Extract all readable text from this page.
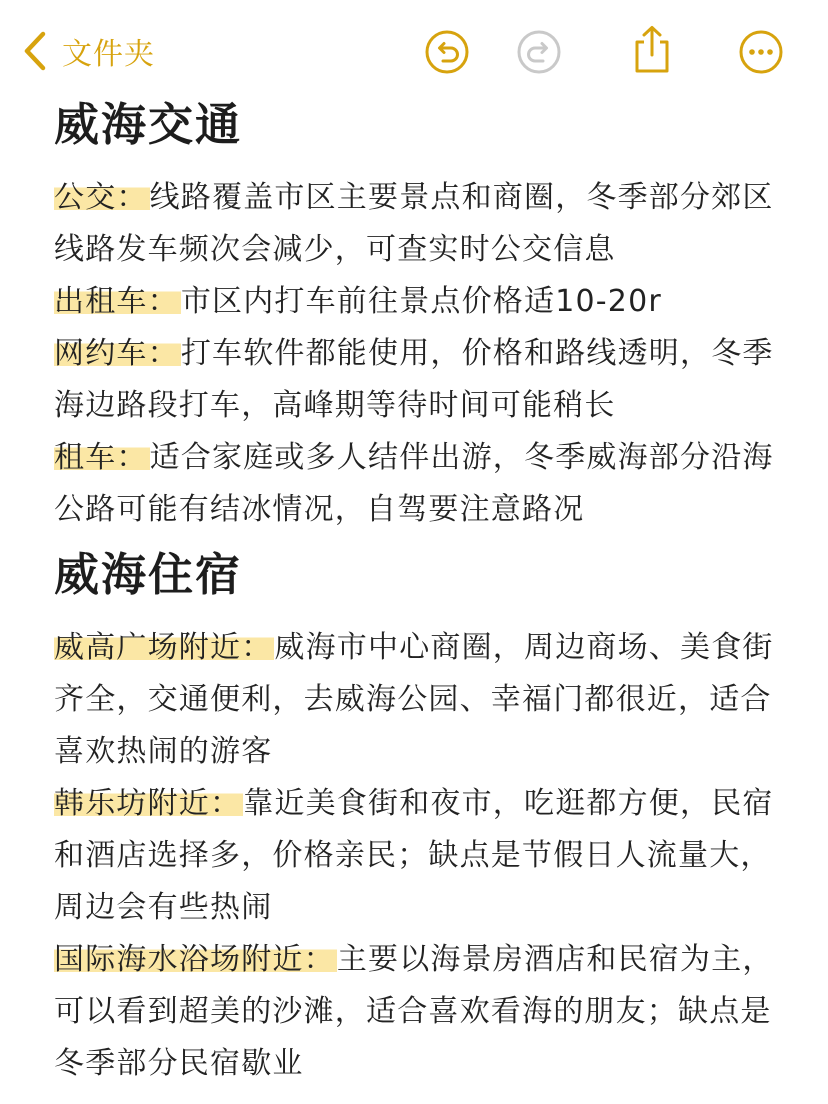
文件夹
威海交通

公交：线路覆盖市区主要景点和商圈，冬季部分郊区线路发车频次会减少，可查实时公交信息

出租车：市区内打车前往景点价格适10-20r

网约车：打车软件都能使用，价格和路线透明，冬季海边路段打车，高峰期等待时间可能稍长

租车：适合家庭或多人结伴出游，冬季威海部分沿海公路可能有结冰情况，自驾要注意路况

威海住宿

威高广场附近：威海市中心商圈，周边商场、美食街齐全，交通便利，去威海公园、幸福门都很近，适合喜欢热闹的游客

韩乐坊附近：靠近美食街和夜市，吃逛都方便，民宿和酒店选择多，价格亲民；缺点是节假日人流量大，周边会有些热闹

国际海水浴场附近：主要以海景房酒店和民宿为主，可以看到超美的沙滩，适合喜欢看海的朋友；缺点是冬季部分民宿歇业
